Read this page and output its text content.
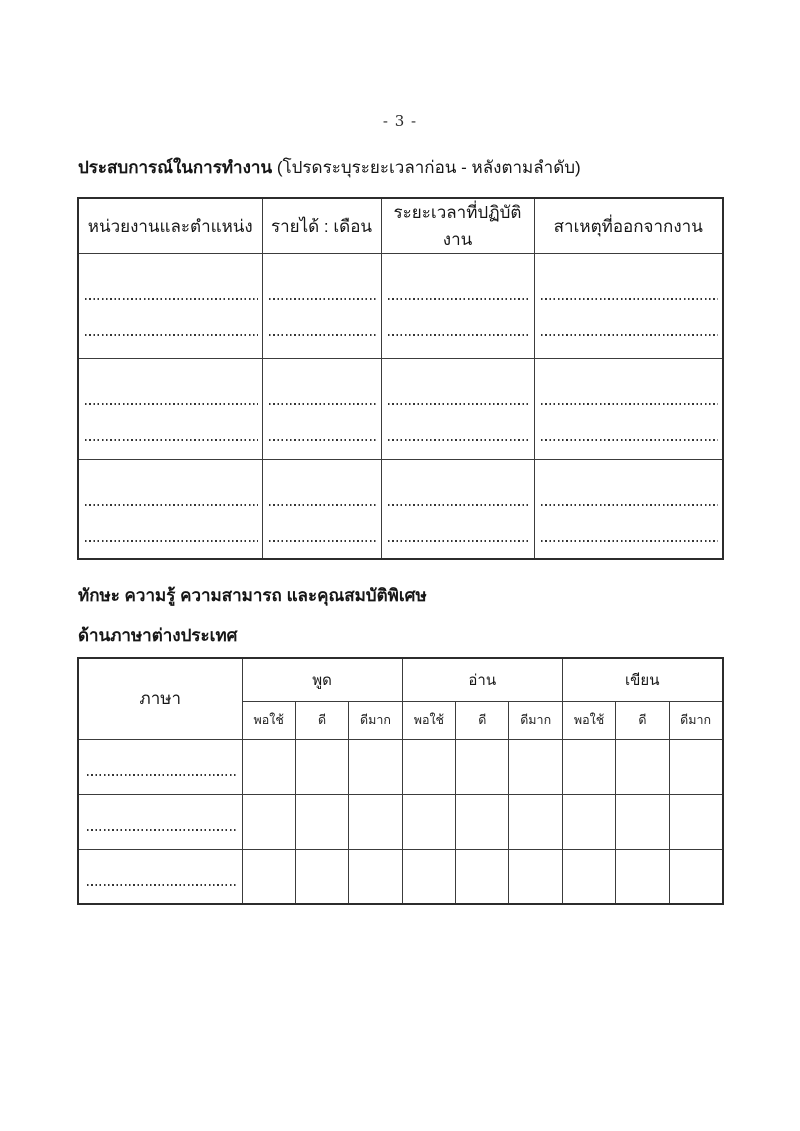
- 3 -
ประสบการณ์ในการทำงาน (โปรดระบุระยะเวลาก่อน - หลังตามลำดับ)
หน่วยงานและตำแหน่ง	รายได้ : เดือน	ระยะเวลาที่ปฏิบัติงาน	สาเหตุที่ออกจากงาน

ทักษะ ความรู้ ความสามารถ และคุณสมบัติพิเศษ
ด้านภาษาต่างประเทศ
ภาษา	พูด			อ่าน			เขียน		
	พอใช้	ดี	ดีมาก	พอใช้	ดี	ดีมาก	พอใช้	ดี	ดีมาก
